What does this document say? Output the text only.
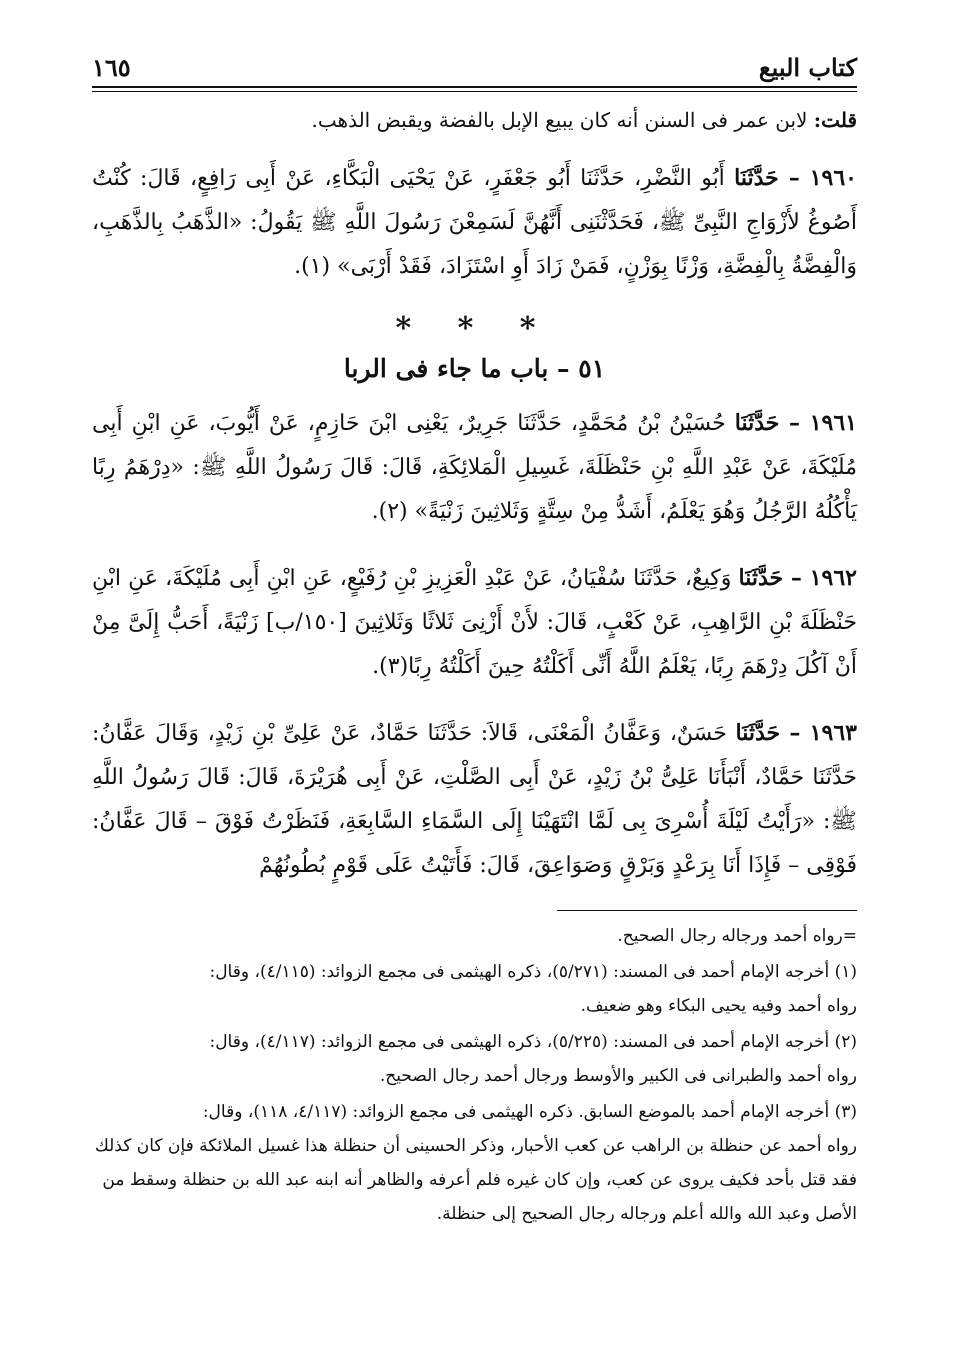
كتاب البيع
١٦٥

قلت: لابن عمر فى السنن أنه كان يبيع الإبل بالفضة ويقبض الذهب.

١٩٦٠ – حَدَّثَنَا أَبُو النَّضْرِ، حَدَّثَنَا أَبُو جَعْفَرٍ، عَنْ يَحْيَى الْبَكَّاءِ، عَنْ أَبِى رَافِعٍ، قَالَ: كُنْتُ أَصُوغُ لأَزْوَاجِ النَّبِىِّ ﷺ، فَحَدَّثْنَنِى أَنَّهُنَّ لَسَمِعْنَ رَسُولَ اللَّهِ ﷺ يَقُولُ: «الذَّهَبُ بِالذَّهَبِ، وَالْفِضَّةُ بِالْفِضَّةِ، وَزْنًا بِوَزْنٍ، فَمَنْ زَادَ أَوِ اسْتَزَادَ، فَقَدْ أَرْبَى» (١).

* * *
٥١ – باب ما جاء فى الربا

١٩٦١ – حَدَّثَنَا حُسَيْنُ بْنُ مُحَمَّدٍ، حَدَّثَنَا جَرِيرٌ، يَعْنِى ابْنَ حَازِمٍ، عَنْ أَيُّوبَ، عَنِ ابْنِ أَبِى مُلَيْكَةَ، عَنْ عَبْدِ اللَّهِ بْنِ حَنْظَلَةَ، غَسِيلِ الْمَلائِكَةِ، قَالَ: قَالَ رَسُولُ اللَّهِ ﷺ: «دِرْهَمُ رِبًا يَأْكُلُهُ الرَّجُلُ وَهُوَ يَعْلَمُ، أَشَدُّ مِنْ سِتَّةٍ وَثَلاثِينَ زَنْيَةً» (٢).

١٩٦٢ – حَدَّثَنَا وَكِيعٌ، حَدَّثَنَا سُفْيَانُ، عَنْ عَبْدِ الْعَزِيزِ بْنِ رُفَيْعٍ، عَنِ ابْنِ أَبِى مُلَيْكَةَ، عَنِ ابْنِ حَنْظَلَةَ بْنِ الرَّاهِبِ، عَنْ كَعْبٍ، قَالَ: لأَنْ أَزْنِىَ ثَلاثًا وَثَلاثِينَ [١٥٠/ب] زَنْيَةً، أَحَبُّ إِلَىَّ مِنْ أَنْ آكُلَ دِرْهَمَ رِبًا، يَعْلَمُ اللَّهُ أَنِّى أَكَلْتُهُ حِينَ أَكَلْتُهُ رِبًا(٣).

١٩٦٣ – حَدَّثَنَا حَسَنٌ، وَعَفَّانُ الْمَعْنَى، قَالاَ: حَدَّثَنَا حَمَّادٌ، عَنْ عَلِىِّ بْنِ زَيْدٍ، وَقَالَ عَفَّانُ: حَدَّثَنَا حَمَّادٌ، أَنْبَأَنَا عَلِىُّ بْنُ زَيْدٍ، عَنْ أَبِى الصَّلْتِ، عَنْ أَبِى هُرَيْرَةَ، قَالَ: قَالَ رَسُولُ اللَّهِ ﷺ: «رَأَيْتُ لَيْلَةَ أُسْرِىَ بِى لَمَّا انْتَهَيْنَا إِلَى السَّمَاءِ السَّابِعَةِ، فَنَظَرْتُ فَوْقَ – قَالَ عَفَّانُ: فَوْقِى – فَإِذَا أَنَا بِرَعْدٍ وَبَرْقٍ وَصَوَاعِقَ، قَالَ: فَأَتَيْتُ عَلَى قَوْمٍ بُطُونُهُمْ

=رواه أحمد ورجاله رجال الصحيح.
(١) أخرجه الإمام أحمد فى المسند: (٥/٢٧١)، ذكره الهيثمى فى مجمع الزوائد: (٤/١١٥)، وقال:
رواه أحمد وفيه يحيى البكاء وهو ضعيف.
(٢) أخرجه الإمام أحمد فى المسند: (٥/٢٢٥)، ذكره الهيثمى فى مجمع الزوائد: (٤/١١٧)، وقال:
رواه أحمد والطبرانى فى الكبير والأوسط ورجال أحمد رجال الصحيح.
(٣) أخرجه الإمام أحمد بالموضع السابق. ذكره الهيثمى فى مجمع الزوائد: (٤/١١٧، ١١٨)، وقال:
رواه أحمد عن حنظلة بن الراهب عن كعب الأحبار، وذكر الحسينى أن حنظلة هذا غسيل الملائكة فإن كان كذلك فقد قتل بأحد فكيف يروى عن كعب، وإن كان غيره فلم أعرفه والظاهر أنه ابنه عبد الله بن حنظلة وسقط من الأصل وعبد الله والله أعلم ورجاله رجال الصحيح إلى حنظلة.
